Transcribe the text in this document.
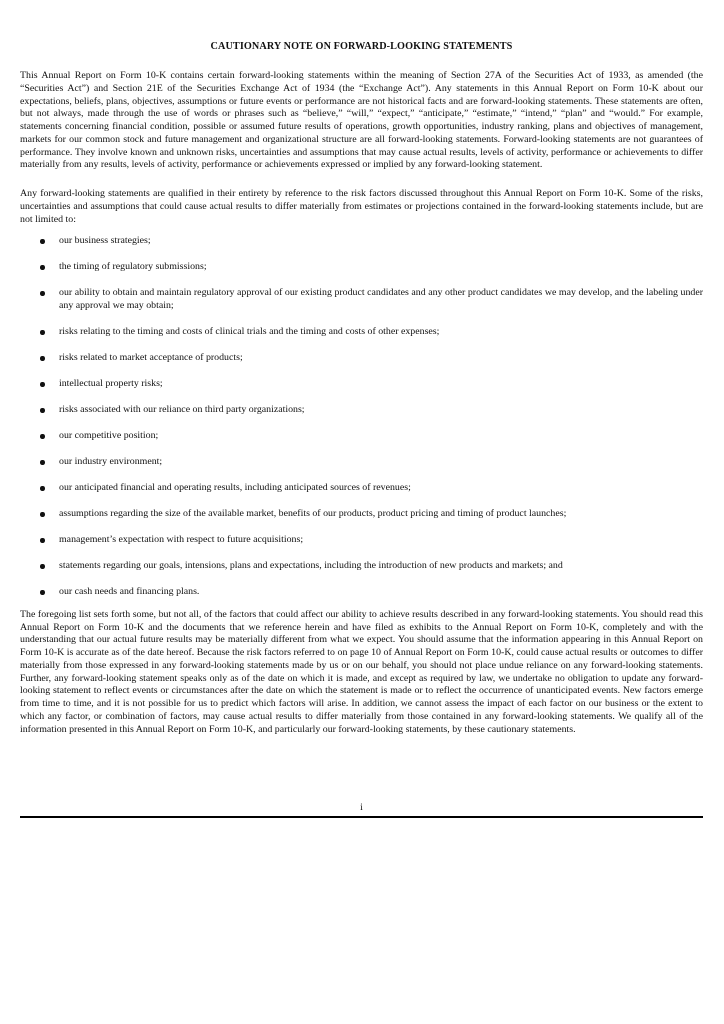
CAUTIONARY NOTE ON FORWARD-LOOKING STATEMENTS

This Annual Report on Form 10-K contains certain forward-looking statements within the meaning of Section 27A of the Securities Act of 1933, as amended (the “Securities Act”) and Section 21E of the Securities Exchange Act of 1934 (the “Exchange Act”). Any statements in this Annual Report on Form 10-K about our expectations, beliefs, plans, objectives, assumptions or future events or performance are not historical facts and are forward-looking statements. These statements are often, but not always, made through the use of words or phrases such as “believe,” “will,” “expect,” “anticipate,” “estimate,” “intend,” “plan” and “would.” For example, statements concerning financial condition, possible or assumed future results of operations, growth opportunities, industry ranking, plans and objectives of management, markets for our common stock and future management and organizational structure are all forward-looking statements. Forward-looking statements are not guarantees of performance. They involve known and unknown risks, uncertainties and assumptions that may cause actual results, levels of activity, performance or achievements to differ materially from any results, levels of activity, performance or achievements expressed or implied by any forward-looking statement.

Any forward-looking statements are qualified in their entirety by reference to the risk factors discussed throughout this Annual Report on Form 10-K. Some of the risks, uncertainties and assumptions that could cause actual results to differ materially from estimates or projections contained in the forward-looking statements include, but are not limited to:

our business strategies;
the timing of regulatory submissions;
our ability to obtain and maintain regulatory approval of our existing product candidates and any other product candidates we may develop, and the labeling under any approval we may obtain;
risks relating to the timing and costs of clinical trials and the timing and costs of other expenses;
risks related to market acceptance of products;
intellectual property risks;
risks associated with our reliance on third party organizations;
our competitive position;
our industry environment;
our anticipated financial and operating results, including anticipated sources of revenues;
assumptions regarding the size of the available market, benefits of our products, product pricing and timing of product launches;
management’s expectation with respect to future acquisitions;
statements regarding our goals, intensions, plans and expectations, including the introduction of new products and markets; and
our cash needs and financing plans.

The foregoing list sets forth some, but not all, of the factors that could affect our ability to achieve results described in any forward-looking statements. You should read this Annual Report on Form 10-K and the documents that we reference herein and have filed as exhibits to the Annual Report on Form 10-K, completely and with the understanding that our actual future results may be materially different from what we expect. You should assume that the information appearing in this Annual Report on Form 10-K is accurate as of the date hereof. Because the risk factors referred to on page 10 of Annual Report on Form 10-K, could cause actual results or outcomes to differ materially from those expressed in any forward-looking statements made by us or on our behalf, you should not place undue reliance on any forward-looking statements. Further, any forward-looking statement speaks only as of the date on which it is made, and except as required by law, we undertake no obligation to update any forward-looking statement to reflect events or circumstances after the date on which the statement is made or to reflect the occurrence of unanticipated events. New factors emerge from time to time, and it is not possible for us to predict which factors will arise. In addition, we cannot assess the impact of each factor on our business or the extent to which any factor, or combination of factors, may cause actual results to differ materially from those contained in any forward-looking statements. We qualify all of the information presented in this Annual Report on Form 10-K, and particularly our forward-looking statements, by these cautionary statements.

i
